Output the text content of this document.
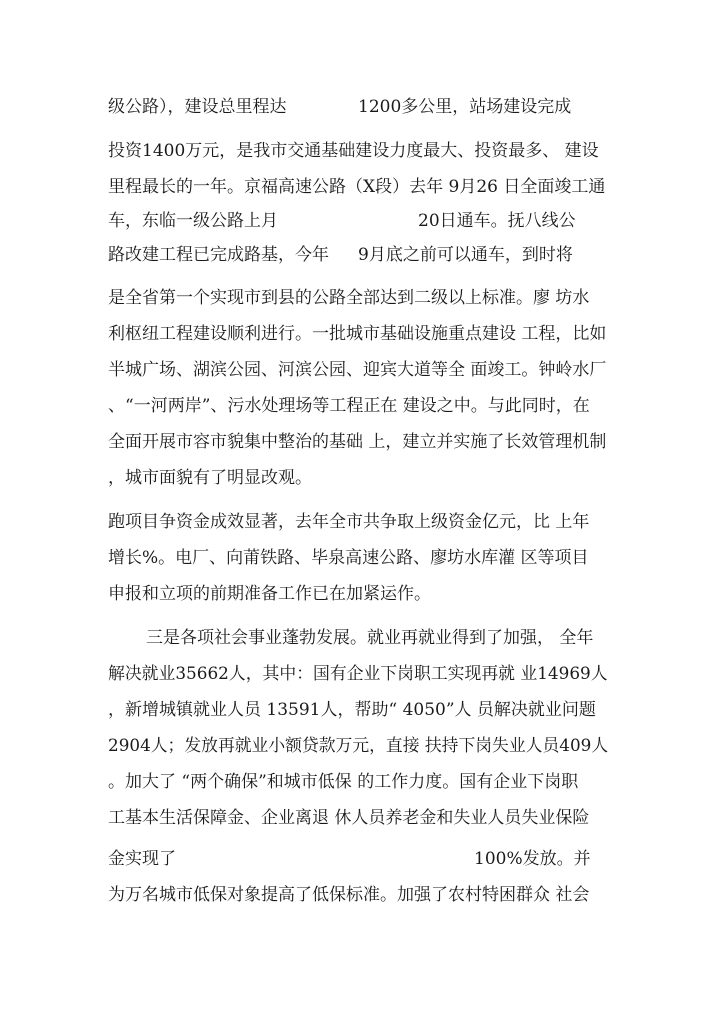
级公路），建设总里程达	1200多公里，站场建设完成
投资1400万元，是我市交通基础建设力度最大、投资最多、 建设
里程最长的一年。京福高速公路（X段）去年 9月26 日全面竣工通
车，东临一级公路上月	20日通车。抚八线公
路改建工程已完成路基，今年 9月底之前可以通车，到时将
是全省第一个实现市到县的公路全部达到二级以上标准。廖 坊水
利枢纽工程建设顺利进行。一批城市基础设施重点建设 工程，比如
半城广场、湖滨公园、河滨公园、迎宾大道等全 面竣工。钟岭水厂
、“一河两岸”、污水处理场等工程正在 建设之中。与此同时，在
全面开展市容市貌集中整治的基础 上，建立并实施了长效管理机制
，城市面貌有了明显改观。
跑项目争资金成效显著，去年全市共争取上级资金亿元，比 上年
增长%。电厂、向莆铁路、毕泉高速公路、廖坊水库灌 区等项目
申报和立项的前期准备工作已在加紧运作。
三是各项社会事业蓬勃发展。就业再就业得到了加强， 全年
解决就业35662人，其中：国有企业下岗职工实现再就 业14969人
，新增城镇就业人员 13591人，帮助“ 4050”人 员解决就业问题
2904人；发放再就业小额贷款万元，直接 扶持下岗失业人员409人
。加大了 “两个确保”和城市低保 的工作力度。国有企业下岗职
工基本生活保障金、企业离退 休人员养老金和失业人员失业保险
金实现了	100%发放。并
为万名城市低保对象提高了低保标准。加强了农村特困群众 社会
